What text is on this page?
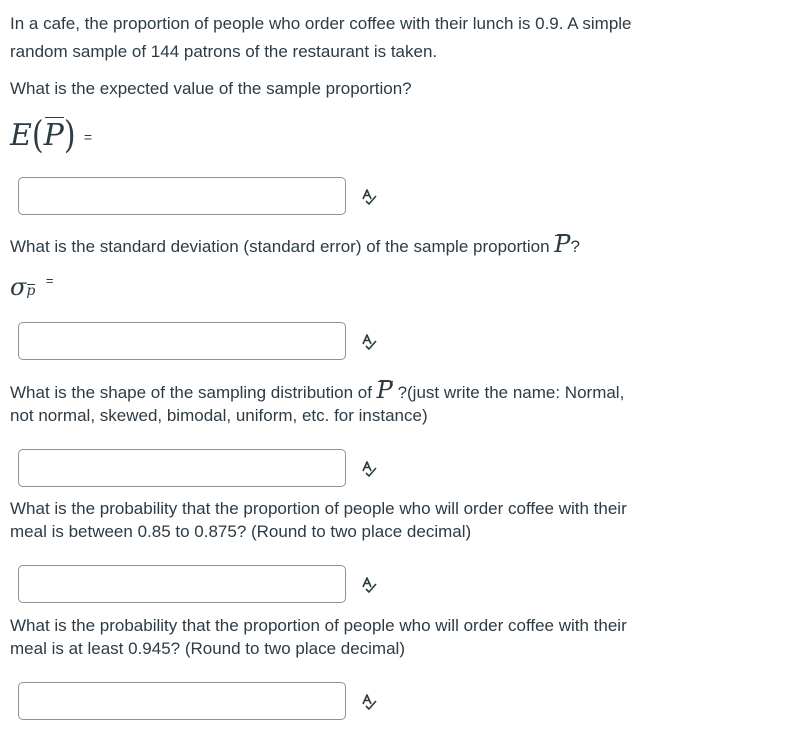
In a cafe, the proportion of people who order coffee with their lunch is 0.9. A simple
random sample of 144 patrons of the restaurant is taken.
What is the expected value of the sample proportion?
E(P) =
What is the standard deviation (standard error) of the sample proportion P?
σp =
What is the shape of the sampling distribution of P ?(just write the name: Normal,
not normal, skewed, bimodal, uniform, etc. for instance)
What is the probability that the proportion of people who will order coffee with their
meal is between 0.85 to 0.875? (Round to two place decimal)
What is the probability that the proportion of people who will order coffee with their
meal is at least 0.945? (Round to two place decimal)
